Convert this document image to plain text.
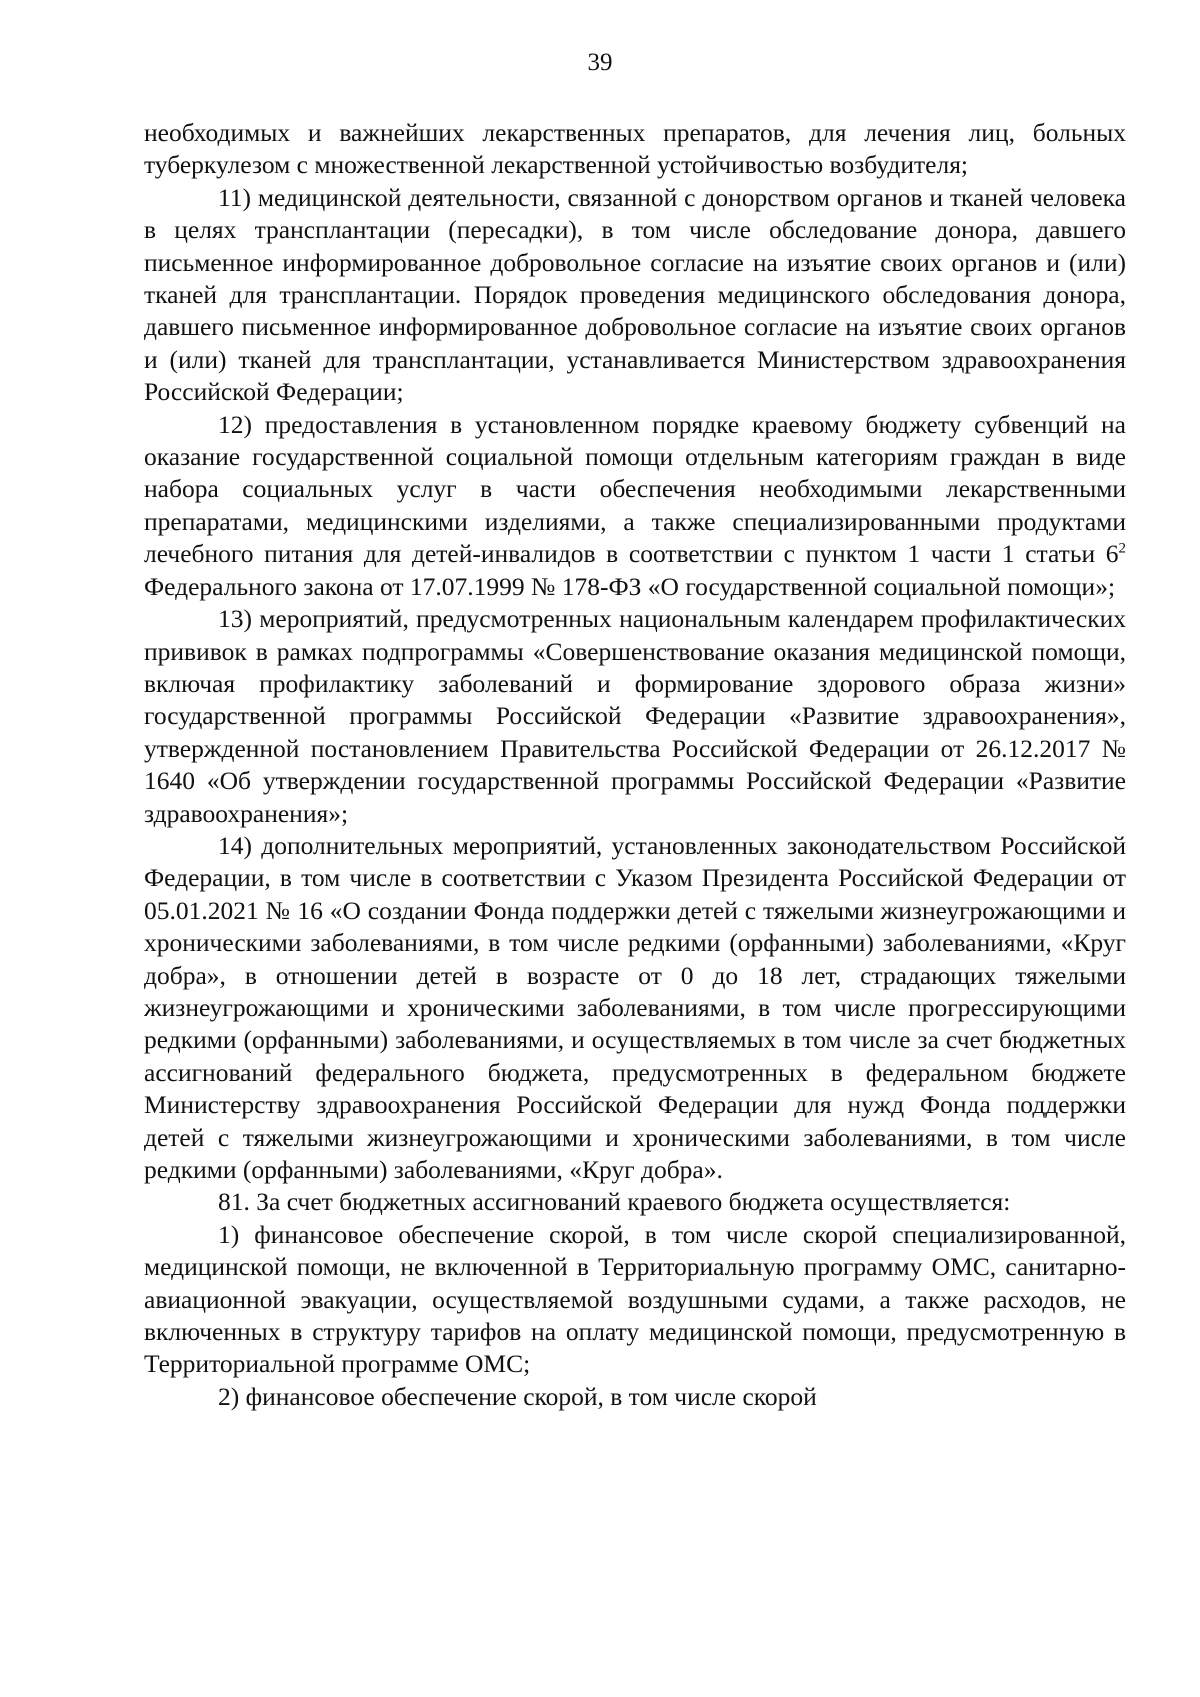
39

необходимых и важнейших лекарственных препаратов, для лечения лиц, больных туберкулезом с множественной лекарственной устойчивостью возбудителя;

11) медицинской деятельности, связанной с донорством органов и тканей человека в целях трансплантации (пересадки), в том числе обследование донора, давшего письменное информированное добровольное согласие на изъятие своих органов и (или) тканей для трансплантации. Порядок проведения медицинского обследования донора, давшего письменное информированное добровольное согласие на изъятие своих органов и (или) тканей для трансплантации, устанавливается Министерством здравоохранения Российской Федерации;

12) предоставления в установленном порядке краевому бюджету субвенций на оказание государственной социальной помощи отдельным категориям граждан в виде набора социальных услуг в части обеспечения необходимыми лекарственными препаратами, медицинскими изделиями, а также специализированными продуктами лечебного питания для детей-инвалидов в соответствии с пунктом 1 части 1 статьи $6^2$ Федерального закона от 17.07.1999 № 178-ФЗ «О государственной социальной помощи»;

13) мероприятий, предусмотренных национальным календарем профилактических прививок в рамках подпрограммы «Совершенствование оказания медицинской помощи, включая профилактику заболеваний и формирование здорового образа жизни» государственной программы Российской Федерации «Развитие здравоохранения», утвержденной постановлением Правительства Российской Федерации от 26.12.2017 № 1640 «Об утверждении государственной программы Российской Федерации «Развитие здравоохранения»;

14) дополнительных мероприятий, установленных законодательством Российской Федерации, в том числе в соответствии с Указом Президента Российской Федерации от 05.01.2021 № 16 «О создании Фонда поддержки детей с тяжелыми жизнеугрожающими и хроническими заболеваниями, в том числе редкими (орфанными) заболеваниями, «Круг добра», в отношении детей в возрасте от 0 до 18 лет, страдающих тяжелыми жизнеугрожающими и хроническими заболеваниями, в том числе прогрессирующими редкими (орфанными) заболеваниями, и осуществляемых в том числе за счет бюджетных ассигнований федерального бюджета, предусмотренных в федеральном бюджете Министерству здравоохранения Российской Федерации для нужд Фонда поддержки детей с тяжелыми жизнеугрожающими и хроническими заболеваниями, в том числе редкими (орфанными) заболеваниями, «Круг добра».

81. За счет бюджетных ассигнований краевого бюджета осуществляется:

1) финансовое обеспечение скорой, в том числе скорой специализированной, медицинской помощи, не включенной в Территориальную программу ОМС, санитарно-авиационной эвакуации, осуществляемой воздушными судами, а также расходов, не включенных в структуру тарифов на оплату медицинской помощи, предусмотренную в Территориальной программе ОМС;

2) финансовое обеспечение скорой, в том числе скорой
